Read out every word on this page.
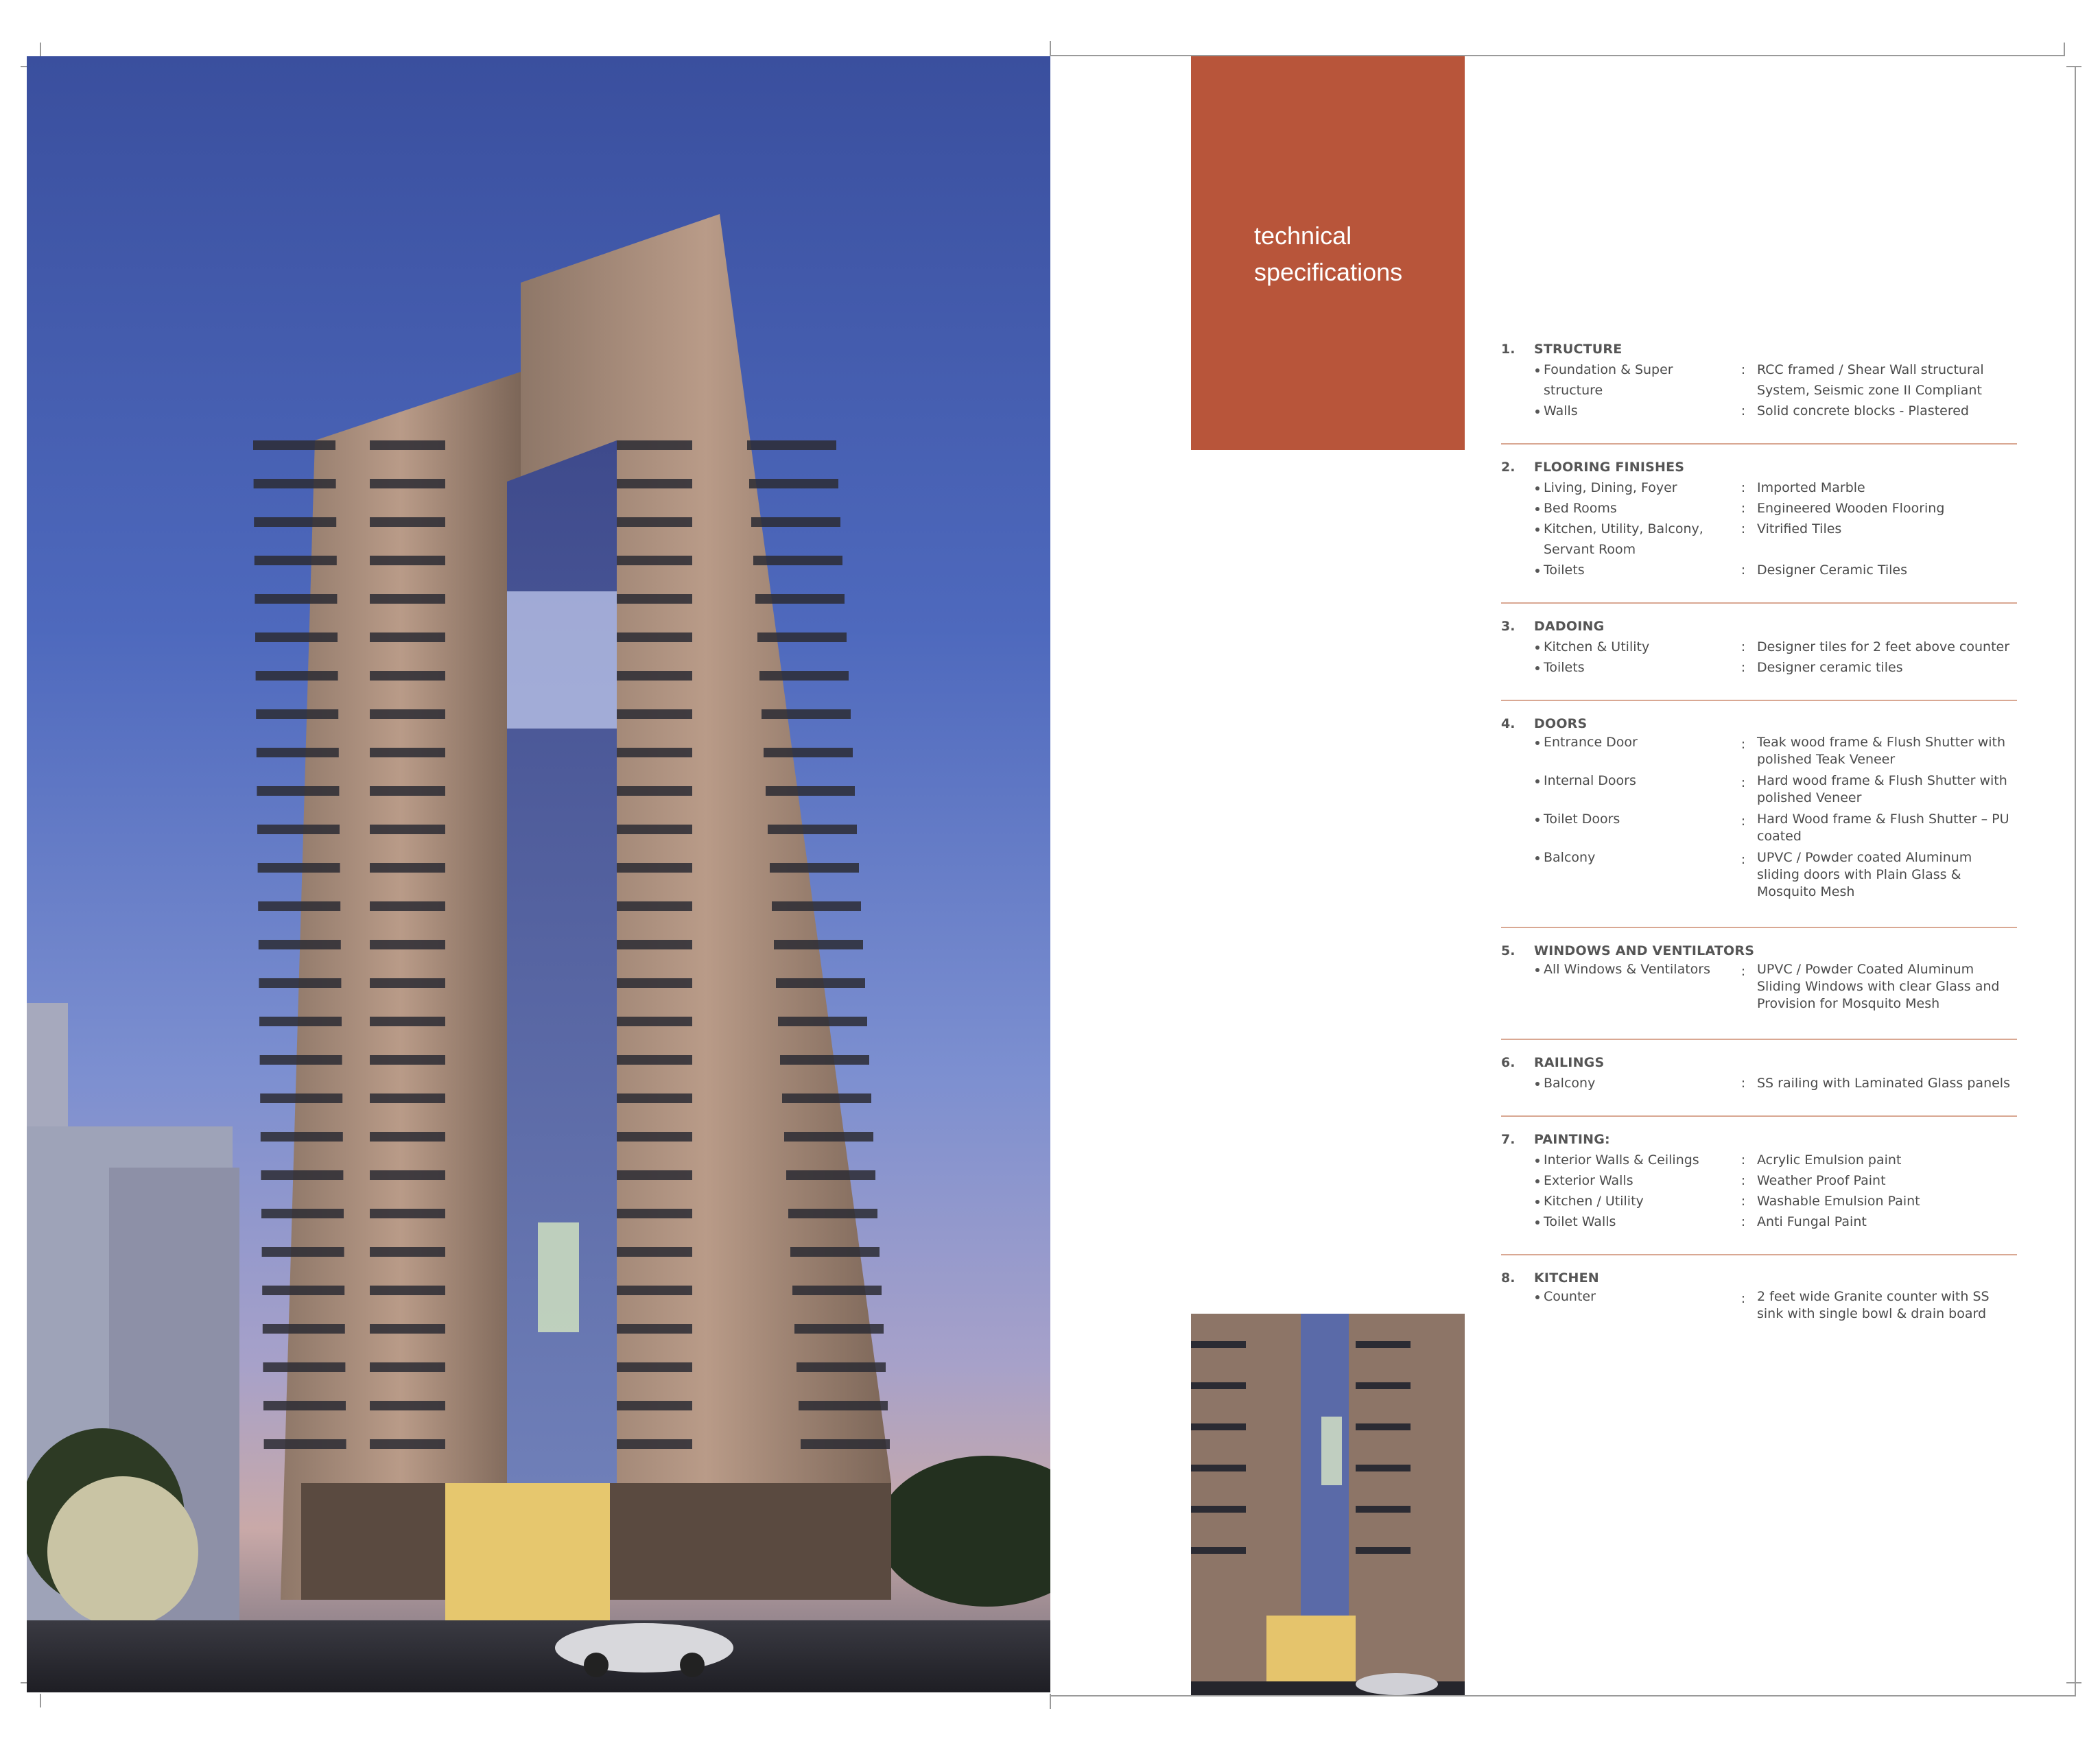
technical
specifications
1. STRUCTURE
Foundation & Super structure
: RCC framed / Shear Wall structural
System, Seismic zone II Compliant
Walls	: Solid concrete blocks - Plastered
2. FLOORING FINISHES
Living, Dining, Foyer	: Imported Marble
Bed Rooms	: Engineered Wooden Flooring
Kitchen, Utility, Balcony,
Servant Room
: Vitrified Tiles
Toilets	: Designer Ceramic Tiles
3. DADOING
Kitchen & Utility	: Designer tiles for 2 feet above counter
Toilets	: Designer ceramic tiles
4. DOORS
Entrance Door	: Teak wood frame & Flush Shutter with
polished Teak Veneer
Internal Doors	: Hard wood frame & Flush Shutter with
polished Veneer
Toilet Doors	: Hard Wood frame & Flush Shutter – PU
coated
Balcony	: UPVC / Powder coated Aluminum
sliding doors with Plain Glass &
Mosquito Mesh
5. WINDOWS AND VENTILATORS
All Windows & Ventilators	: UPVC / Powder Coated Aluminum
Sliding Windows with clear Glass and
Provision for Mosquito Mesh
6. RAILINGS
Balcony	: SS railing with Laminated Glass panels
7. PAINTING:
Interior Walls & Ceilings	: Acrylic Emulsion paint
Exterior Walls	: Weather Proof Paint
Kitchen / Utility	: Washable Emulsion Paint
Toilet Walls	: Anti Fungal Paint
8. KITCHEN
Counter	: 2 feet wide Granite counter with SS
sink with single bowl & drain board
